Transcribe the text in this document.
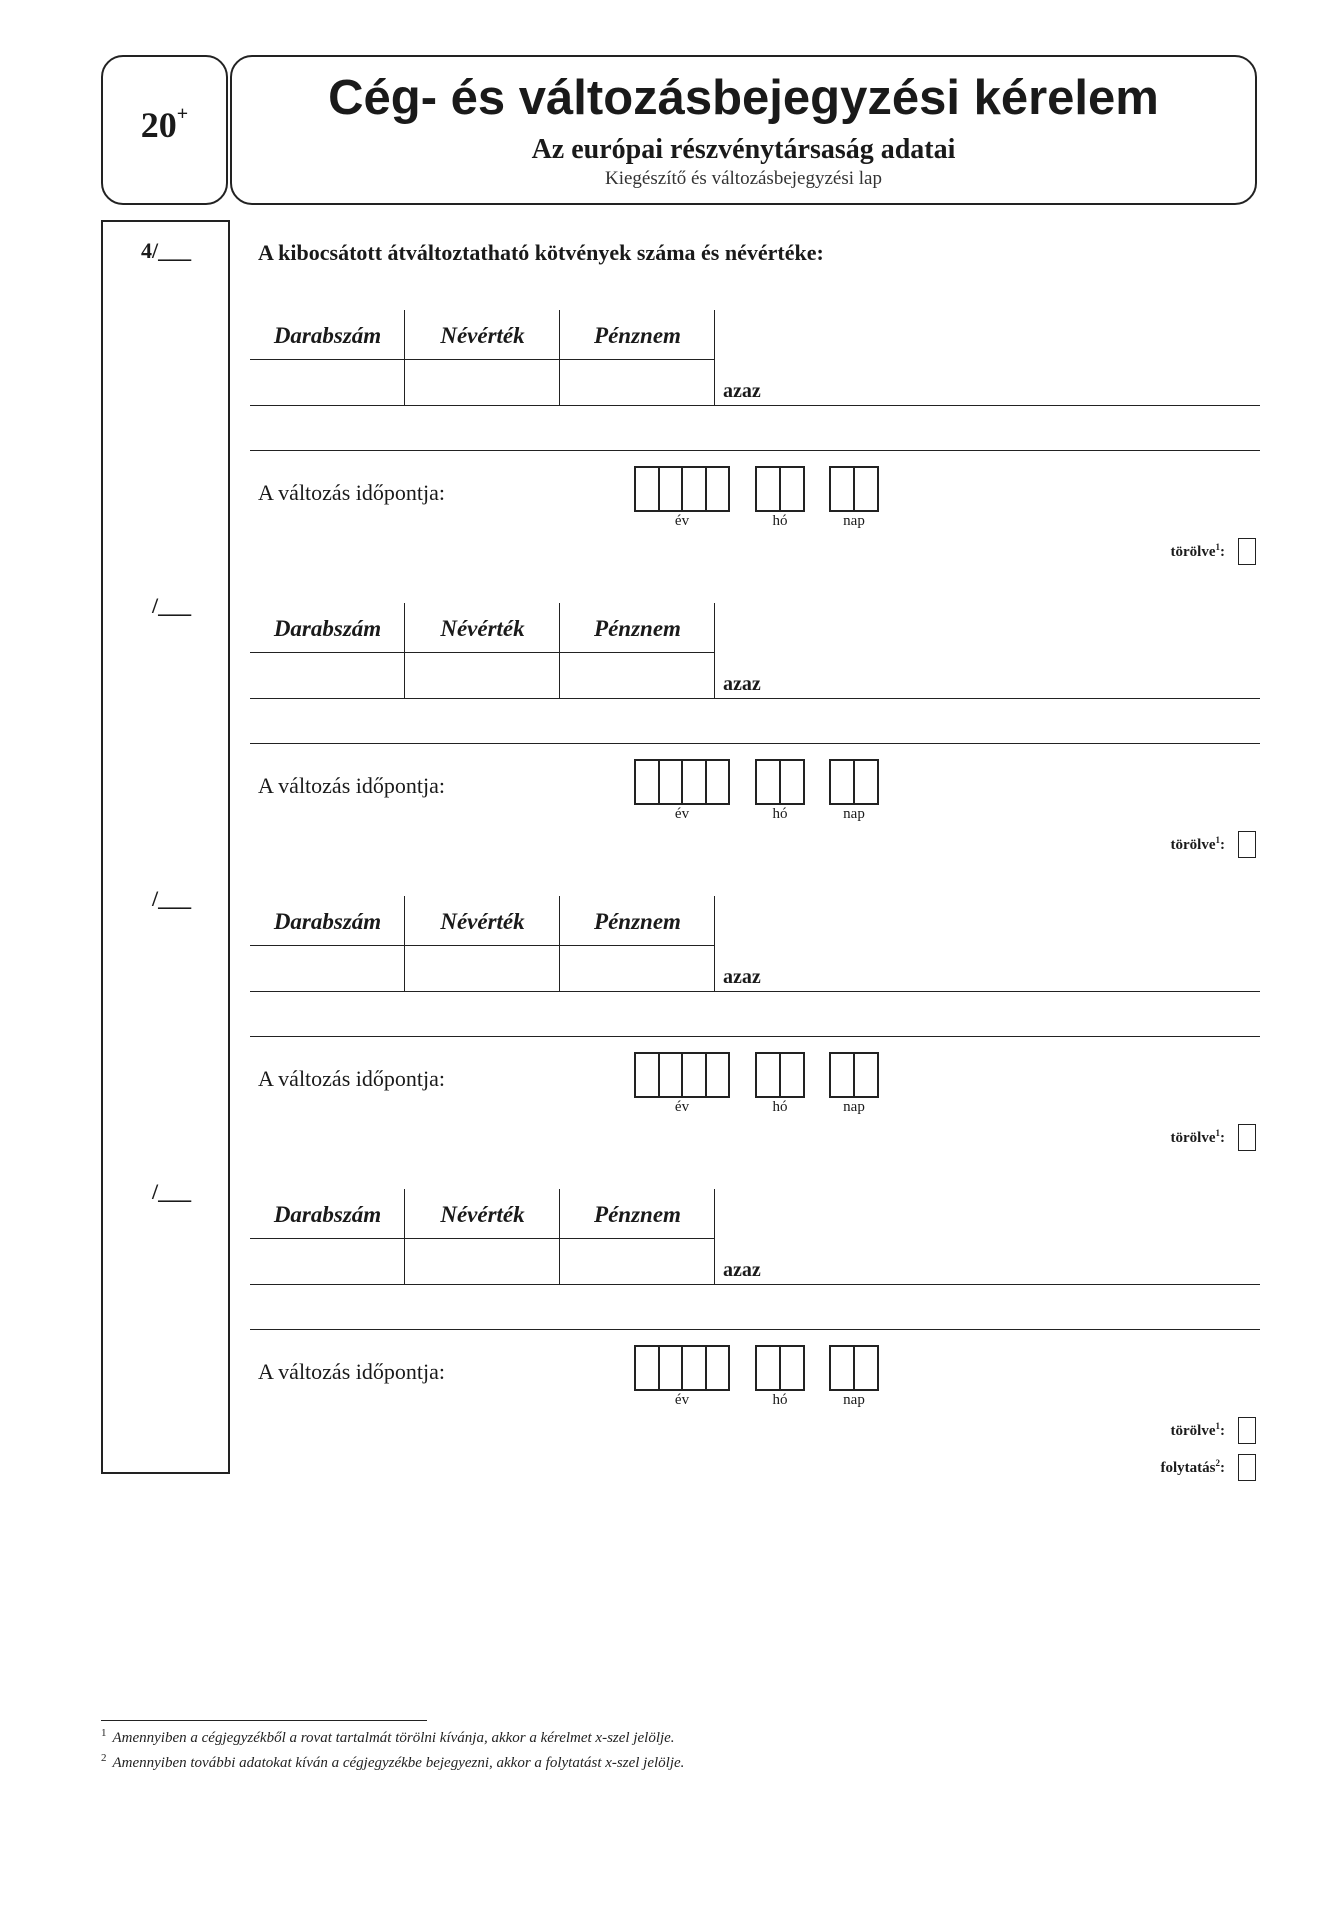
20+	Cég- és változásbejegyzési kérelem
Az európai részvénytársaság adatai
Kiegészítő és változásbejegyzési lap
4/___	A kibocsátott átváltoztatható kötvények száma és névértéke:
Darabszám	Névérték	Pénznem
azaz
A változás időpontja:
év	hó	nap
törölve$^1$:
/___
Darabszám	Névérték	Pénznem
azaz
A változás időpontja:
év	hó	nap
törölve$^1$:
/___
Darabszám	Névérték	Pénznem
azaz
A változás időpontja:
év	hó	nap
törölve$^1$:
/___
Darabszám	Névérték	Pénznem
azaz
A változás időpontja:
év	hó	nap
törölve$^1$:
folytatás$^2$:
$^1$ Amennyiben a cégjegyzékből a rovat tartalmát törölni kívánja, akkor a kérelmet x-szel jelölje.
$^2$ Amennyiben további adatokat kíván a cégjegyzékbe bejegyezni, akkor a folytatást x-szel jelölje.
